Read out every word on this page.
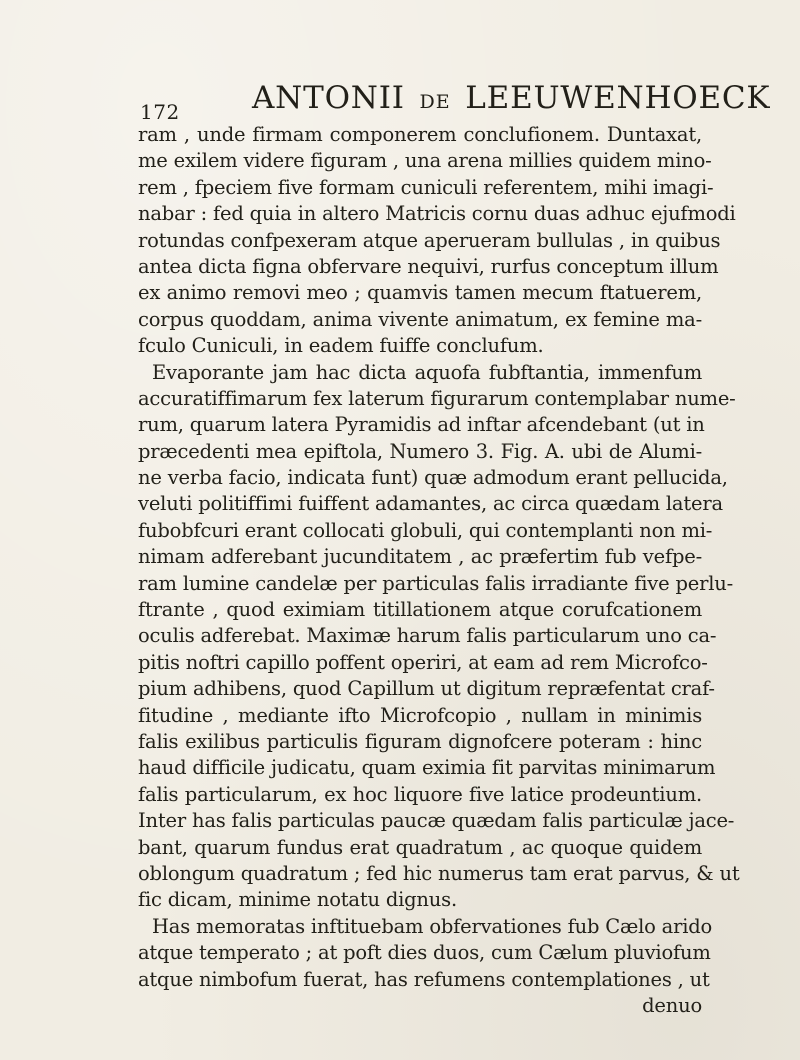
172 ANTONII DE LEEUWENHOECK
ram , unde firmam componerem conclufionem. Duntaxat,
me exilem videre figuram , una arena millies quidem mino-
rem , fpeciem five formam cuniculi referentem, mihi imagi-
nabar : fed quia in altero Matricis cornu duas adhuc ejufmodi
rotundas confpexeram atque aperueram bullulas , in quibus
antea dicta figna obfervare nequivi, rurfus conceptum illum
ex animo removi meo ; quamvis tamen mecum ftatuerem,
corpus quoddam, anima vivente animatum, ex femine ma-
fculo Cuniculi, in eadem fuiffe conclufum.
Evaporante jam hac dicta aquofa fubftantia, immenfum
accuratiffimarum fex laterum figurarum contemplabar nume-
rum, quarum latera Pyramidis ad inftar afcendebant (ut in
præcedenti mea epiftola, Numero 3. Fig. A. ubi de Alumi-
ne verba facio, indicata funt) quæ admodum erant pellucida,
veluti politiffimi fuiffent adamantes, ac circa quædam latera
fubobfcuri erant collocati globuli, qui contemplanti non mi-
nimam adferebant jucunditatem , ac præfertim fub vefpe-
ram lumine candelæ per particulas falis irradiante five perlu-
ftrante , quod eximiam titillationem atque corufcationem
oculis adferebat. Maximæ harum falis particularum uno ca-
pitis noftri capillo poffent operiri, at eam ad rem Microfco-
pium adhibens, quod Capillum ut digitum repræfentat craf-
fitudine , mediante ifto Microfcopio , nullam in minimis
falis exilibus particulis figuram dignofcere poteram : hinc
haud difficile judicatu, quam eximia fit parvitas minimarum
falis particularum, ex hoc liquore five latice prodeuntium.
Inter has falis particulas paucæ quædam falis particulæ jace-
bant, quarum fundus erat quadratum , ac quoque quidem
oblongum quadratum ; fed hic numerus tam erat parvus, & ut
fic dicam, minime notatu dignus.
Has memoratas inftituebam obfervationes fub Cælo arido
atque temperato ; at poft dies duos, cum Cælum pluviofum
atque nimbofum fuerat, has refumens contemplationes , ut
denuo
